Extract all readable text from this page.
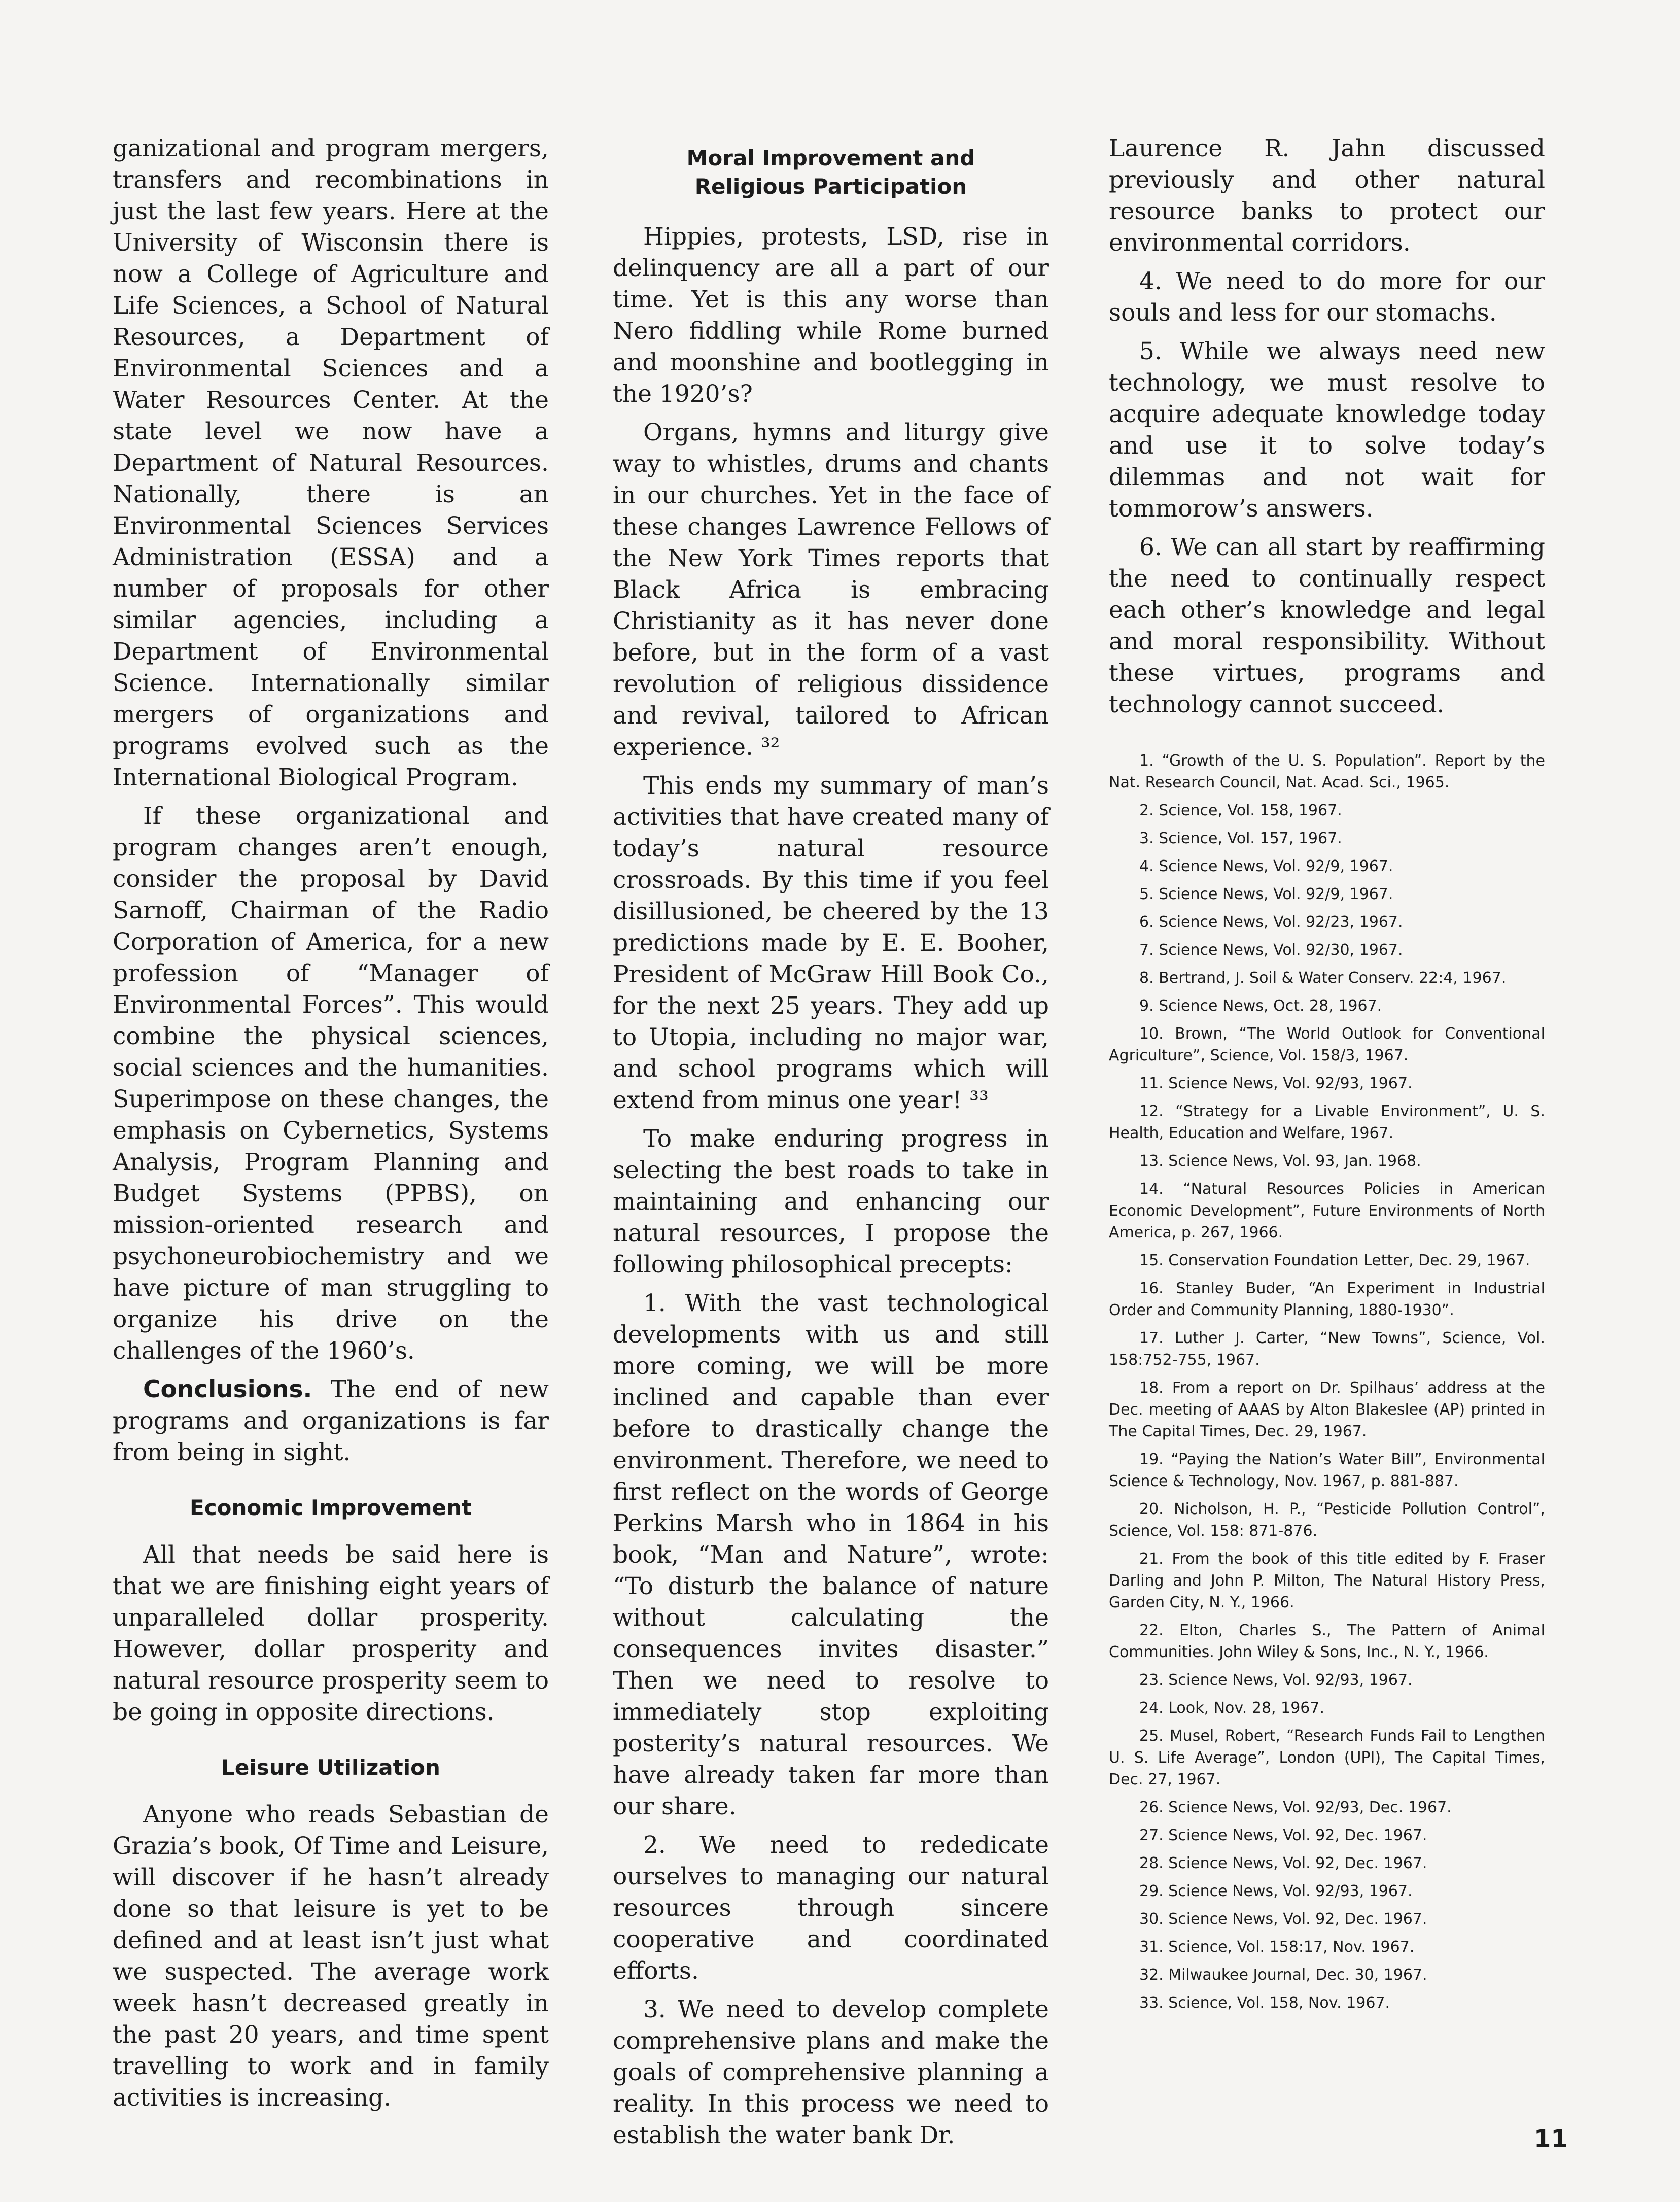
ganizational and program mergers, transfers and recombinations in just the last few years. Here at the University of Wisconsin there is now a College of Agriculture and Life Sciences, a School of Natural Resources, a Department of Environmental Sciences and a Water Resources Center. At the state level we now have a Department of Natural Resources. Nationally, there is an Environmental Sciences Services Administration (ESSA) and a number of proposals for other similar agencies, including a Department of Environmental Science. Internationally similar mergers of organizations and programs evolved such as the International Biological Program.

If these organizational and program changes aren’t enough, consider the proposal by David Sarnoff, Chairman of the Radio Corporation of America, for a new profession of “Manager of Environmental Forces”. This would combine the physical sciences, social sciences and the humanities. Superimpose on these changes, the emphasis on Cybernetics, Systems Analysis, Program Planning and Budget Systems (PPBS), on mission-oriented research and psychoneurobiochemistry and we have picture of man struggling to organize his drive on the challenges of the 1960’s.

Conclusions. The end of new programs and organizations is far from being in sight.

Economic Improvement

All that needs be said here is that we are finishing eight years of unparalleled dollar prosperity. However, dollar prosperity and natural resource prosperity seem to be going in opposite directions.

Leisure Utilization

Anyone who reads Sebastian de Grazia’s book, Of Time and Leisure, will discover if he hasn’t already done so that leisure is yet to be defined and at least isn’t just what we suspected. The average work week hasn’t decreased greatly in the past 20 years, and time spent travelling to work and in family activities is increasing.

Moral Improvement and
Religious Participation

Hippies, protests, LSD, rise in delinquency are all a part of our time. Yet is this any worse than Nero fiddling while Rome burned and moonshine and bootlegging in the 1920’s?

Organs, hymns and liturgy give way to whistles, drums and chants in our churches. Yet in the face of these changes Lawrence Fellows of the New York Times reports that Black Africa is embracing Christianity as it has never done before, but in the form of a vast revolution of religious dissidence and revival, tailored to African experience. ³²

This ends my summary of man’s activities that have created many of today’s natural resource crossroads. By this time if you feel disillusioned, be cheered by the 13 predictions made by E. E. Booher, President of McGraw Hill Book Co., for the next 25 years. They add up to Utopia, including no major war, and school programs which will extend from minus one year! ³³

To make enduring progress in selecting the best roads to take in maintaining and enhancing our natural resources, I propose the following philosophical precepts:

1. With the vast technological developments with us and still more coming, we will be more inclined and capable than ever before to drastically change the environment. Therefore, we need to first reflect on the words of George Perkins Marsh who in 1864 in his book, “Man and Nature”, wrote: “To disturb the balance of nature without calculating the consequences invites disaster.” Then we need to resolve to immediately stop exploiting posterity’s natural resources. We have already taken far more than our share.

2. We need to rededicate ourselves to managing our natural resources through sincere cooperative and coordinated efforts.

3. We need to develop complete comprehensive plans and make the goals of comprehensive planning a reality. In this process we need to establish the water bank Dr.

Laurence R. Jahn discussed previously and other natural resource banks to protect our environmental corridors.

4. We need to do more for our souls and less for our stomachs.

5. While we always need new technology, we must resolve to acquire adequate knowledge today and use it to solve today’s dilemmas and not wait for tommorow’s answers.

6. We can all start by reaffirming the need to continually respect each other’s knowledge and legal and moral responsibility. Without these virtues, programs and technology cannot succeed.

1. “Growth of the U. S. Population”. Report by the Nat. Research Council, Nat. Acad. Sci., 1965.

2. Science, Vol. 158, 1967.

3. Science, Vol. 157, 1967.

4. Science News, Vol. 92/9, 1967.

5. Science News, Vol. 92/9, 1967.

6. Science News, Vol. 92/23, 1967.

7. Science News, Vol. 92/30, 1967.

8. Bertrand, J. Soil & Water Conserv. 22:4, 1967.

9. Science News, Oct. 28, 1967.

10. Brown, “The World Outlook for Conventional Agriculture”, Science, Vol. 158/3, 1967.

11. Science News, Vol. 92/93, 1967.

12. “Strategy for a Livable Environment”, U. S. Health, Education and Welfare, 1967.

13. Science News, Vol. 93, Jan. 1968.

14. “Natural Resources Policies in American Economic Development”, Future Environments of North America, p. 267, 1966.

15. Conservation Foundation Letter, Dec. 29, 1967.

16. Stanley Buder, “An Experiment in Industrial Order and Community Planning, 1880-1930”.

17. Luther J. Carter, “New Towns”, Science, Vol. 158:752-755, 1967.

18. From a report on Dr. Spilhaus’ address at the Dec. meeting of AAAS by Alton Blakeslee (AP) printed in The Capital Times, Dec. 29, 1967.

19. “Paying the Nation’s Water Bill”, Environmental Science & Technology, Nov. 1967, p. 881-887.

20. Nicholson, H. P., “Pesticide Pollution Control”, Science, Vol. 158: 871-876.

21. From the book of this title edited by F. Fraser Darling and John P. Milton, The Natural History Press, Garden City, N. Y., 1966.

22. Elton, Charles S., The Pattern of Animal Communities. John Wiley & Sons, Inc., N. Y., 1966.

23. Science News, Vol. 92/93, 1967.

24. Look, Nov. 28, 1967.

25. Musel, Robert, “Research Funds Fail to Lengthen U. S. Life Average”, London (UPI), The Capital Times, Dec. 27, 1967.

26. Science News, Vol. 92/93, Dec. 1967.

27. Science News, Vol. 92, Dec. 1967.

28. Science News, Vol. 92, Dec. 1967.

29. Science News, Vol. 92/93, 1967.

30. Science News, Vol. 92, Dec. 1967.

31. Science, Vol. 158:17, Nov. 1967.

32. Milwaukee Journal, Dec. 30, 1967.

33. Science, Vol. 158, Nov. 1967.

11
